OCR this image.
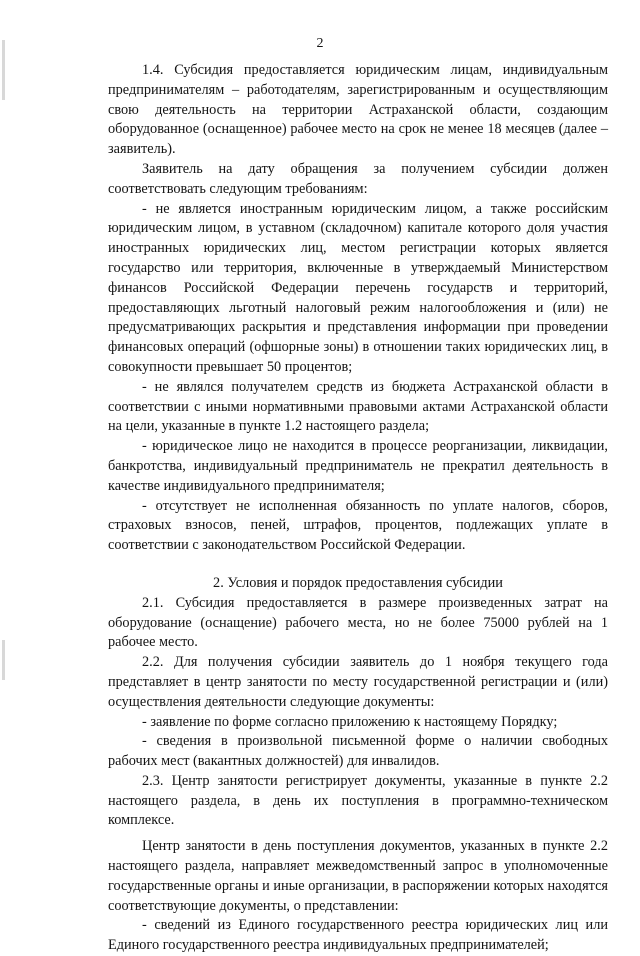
2

1.4. Субсидия предоставляется юридическим лицам, индивидуальным предпринимателям – работодателям, зарегистрированным и осуществляющим свою деятельность на территории Астраханской области, создающим оборудованное (оснащенное) рабочее место на срок не менее 18 месяцев (далее – заявитель).

Заявитель на дату обращения за получением субсидии должен соответствовать следующим требованиям:

- не является иностранным юридическим лицом, а также российским юридическим лицом, в уставном (складочном) капитале которого доля участия иностранных юридических лиц, местом регистрации которых является государство или территория, включенные в утверждаемый Министерством финансов Российской Федерации перечень государств и территорий, предоставляющих льготный налоговый режим налогообложения и (или) не предусматривающих раскрытия и представления информации при проведении финансовых операций (офшорные зоны) в отношении таких юридических лиц, в совокупности превышает 50 процентов;

- не являлся получателем средств из бюджета Астраханской области в соответствии с иными нормативными правовыми актами Астраханской области на цели, указанные в пункте 1.2 настоящего раздела;

- юридическое лицо не находится в процессе реорганизации, ликвидации, банкротства, индивидуальный предприниматель не прекратил деятельность в качестве индивидуального предпринимателя;

- отсутствует не исполненная обязанность по уплате налогов, сборов, страховых взносов, пеней, штрафов, процентов, подлежащих уплате в соответствии с законодательством Российской Федерации.

2. Условия и порядок предоставления субсидии

2.1. Субсидия предоставляется в размере произведенных затрат на оборудование (оснащение) рабочего места, но не более 75000 рублей на 1 рабочее место.

2.2. Для получения субсидии заявитель до 1 ноября текущего года представляет в центр занятости по месту государственной регистрации и (или) осуществления деятельности следующие документы:

- заявление по форме согласно приложению к настоящему Порядку;

- сведения в произвольной письменной форме о наличии свободных рабочих мест (вакантных должностей) для инвалидов.

2.3. Центр занятости регистрирует документы, указанные в пункте 2.2 настоящего раздела, в день их поступления в программно-техническом комплексе.

Центр занятости в день поступления документов, указанных в пункте 2.2 настоящего раздела, направляет межведомственный запрос в уполномоченные государственные органы и иные организации, в распоряжении которых находятся соответствующие документы, о представлении:

- сведений из Единого государственного реестра юридических лиц или Единого государственного реестра индивидуальных предпринимателей;
